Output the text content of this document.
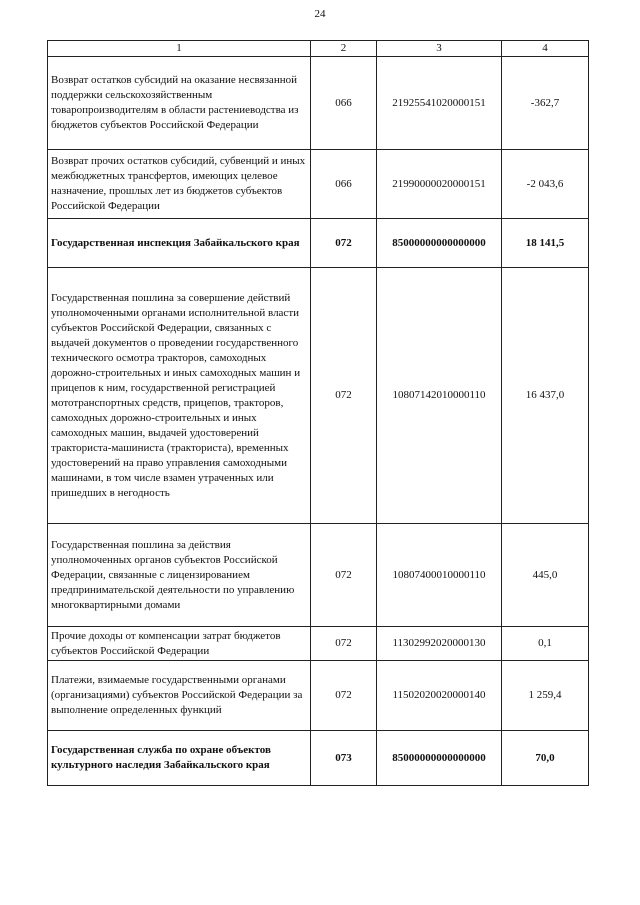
24
1	2	3	4
Возврат остатков субсидий на оказание несвязанной поддержки сельскохозяйственным товаропроизводителям в области растениеводства из бюджетов субъектов Российской Федерации	066	21925541020000151	-362,7
Возврат прочих остатков субсидий, субвенций и иных межбюджетных трансфертов, имеющих целевое назначение, прошлых лет из бюджетов субъектов Российской Федерации	066	21990000020000151	-2 043,6
Государственная инспекция Забайкальского края	072	85000000000000000	18 141,5
Государственная пошлина за совершение действий уполномоченными органами исполнительной власти субъектов Российской Федерации, связанных с выдачей документов о проведении государственного технического осмотра тракторов, самоходных дорожно-строительных и иных самоходных машин и прицепов к ним, государственной регистрацией мототранспортных средств, прицепов, тракторов, самоходных дорожно-строительных и иных самоходных машин, выдачей удостоверений тракториста-машиниста (тракториста), временных удостоверений на право управления самоходными машинами, в том числе взамен утраченных или пришедших в негодность	072	10807142010000110	16 437,0
Государственная пошлина за действия уполномоченных органов субъектов Российской Федерации, связанные с лицензированием предпринимательской деятельности по управлению многоквартирными домами	072	10807400010000110	445,0
Прочие доходы от компенсации затрат бюджетов субъектов Российской Федерации	072	11302992020000130	0,1
Платежи, взимаемые государственными органами (организациями) субъектов Российской Федерации за выполнение определенных функций	072	11502020020000140	1 259,4
Государственная служба по охране объектов культурного наследия Забайкальского края	073	85000000000000000	70,0
